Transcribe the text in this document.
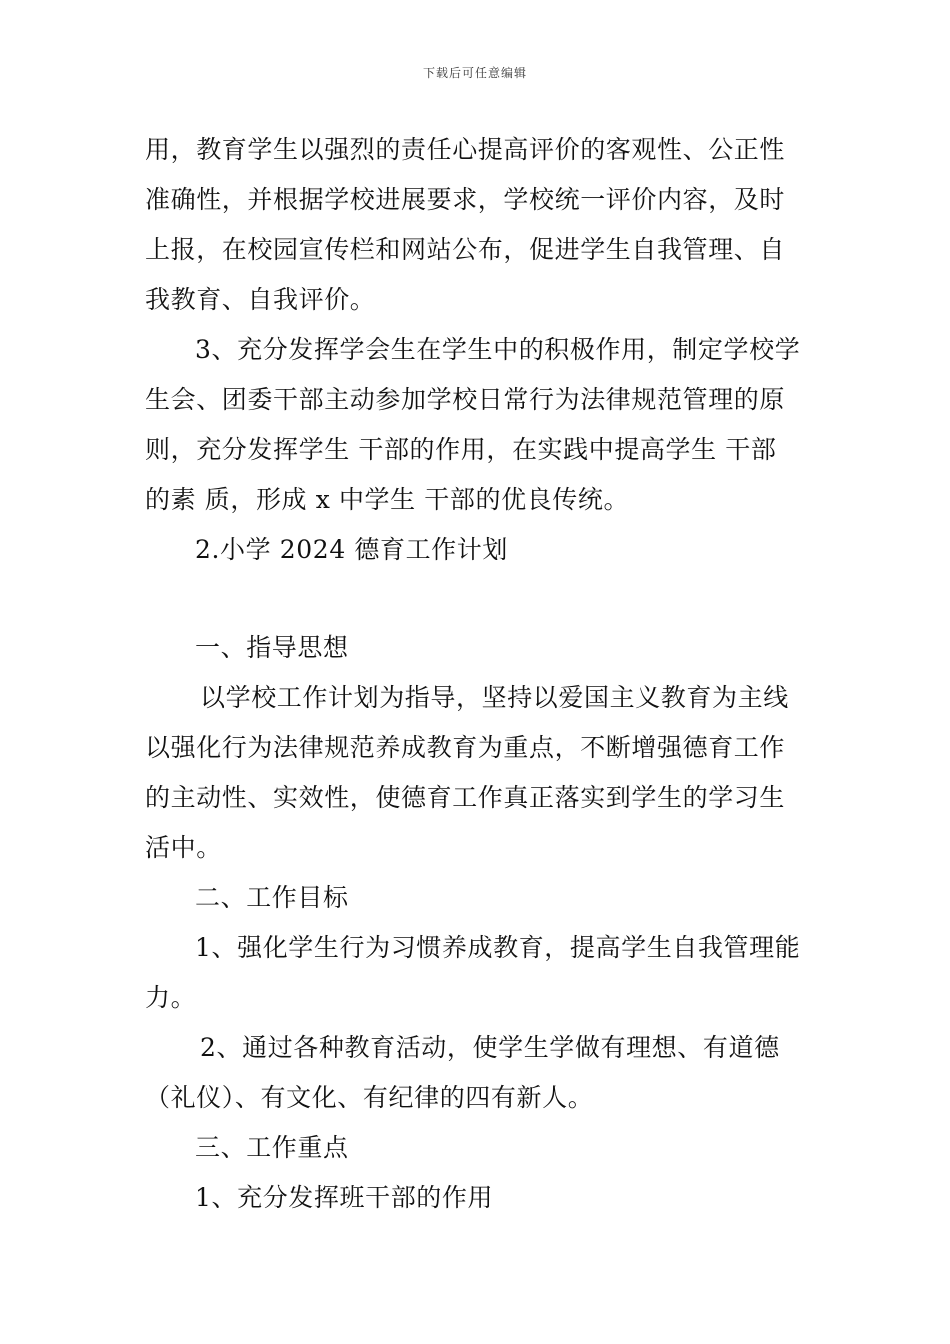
下载后可任意编辑
用，教育学生以强烈的责任心提高评价的客观性、公正性
准确性，并根据学校进展要求，学校统一评价内容，及时
上报，在校园宣传栏和网站公布，促进学生自我管理、自
我教育、自我评价。
3、充分发挥学会生在学生中的积极作用，制定学校学
生会、团委干部主动参加学校日常行为法律规范管理的原
则，充分发挥学生 干部的作用，在实践中提高学生 干部
的素 质，形成 x 中学生 干部的优良传统。
2.小学 2024 德育工作计划
一、指导思想
以学校工作计划为指导，坚持以爱国主义教育为主线
以强化行为法律规范养成教育为重点，不断增强德育工作
的主动性、实效性，使德育工作真正落实到学生的学习生
活中。
二、工作目标
1、强化学生行为习惯养成教育，提高学生自我管理能
力。
2、通过各种教育活动，使学生学做有理想、有道德
（礼仪）、有文化、有纪律的四有新人。
三、工作重点
1、充分发挥班干部的作用
